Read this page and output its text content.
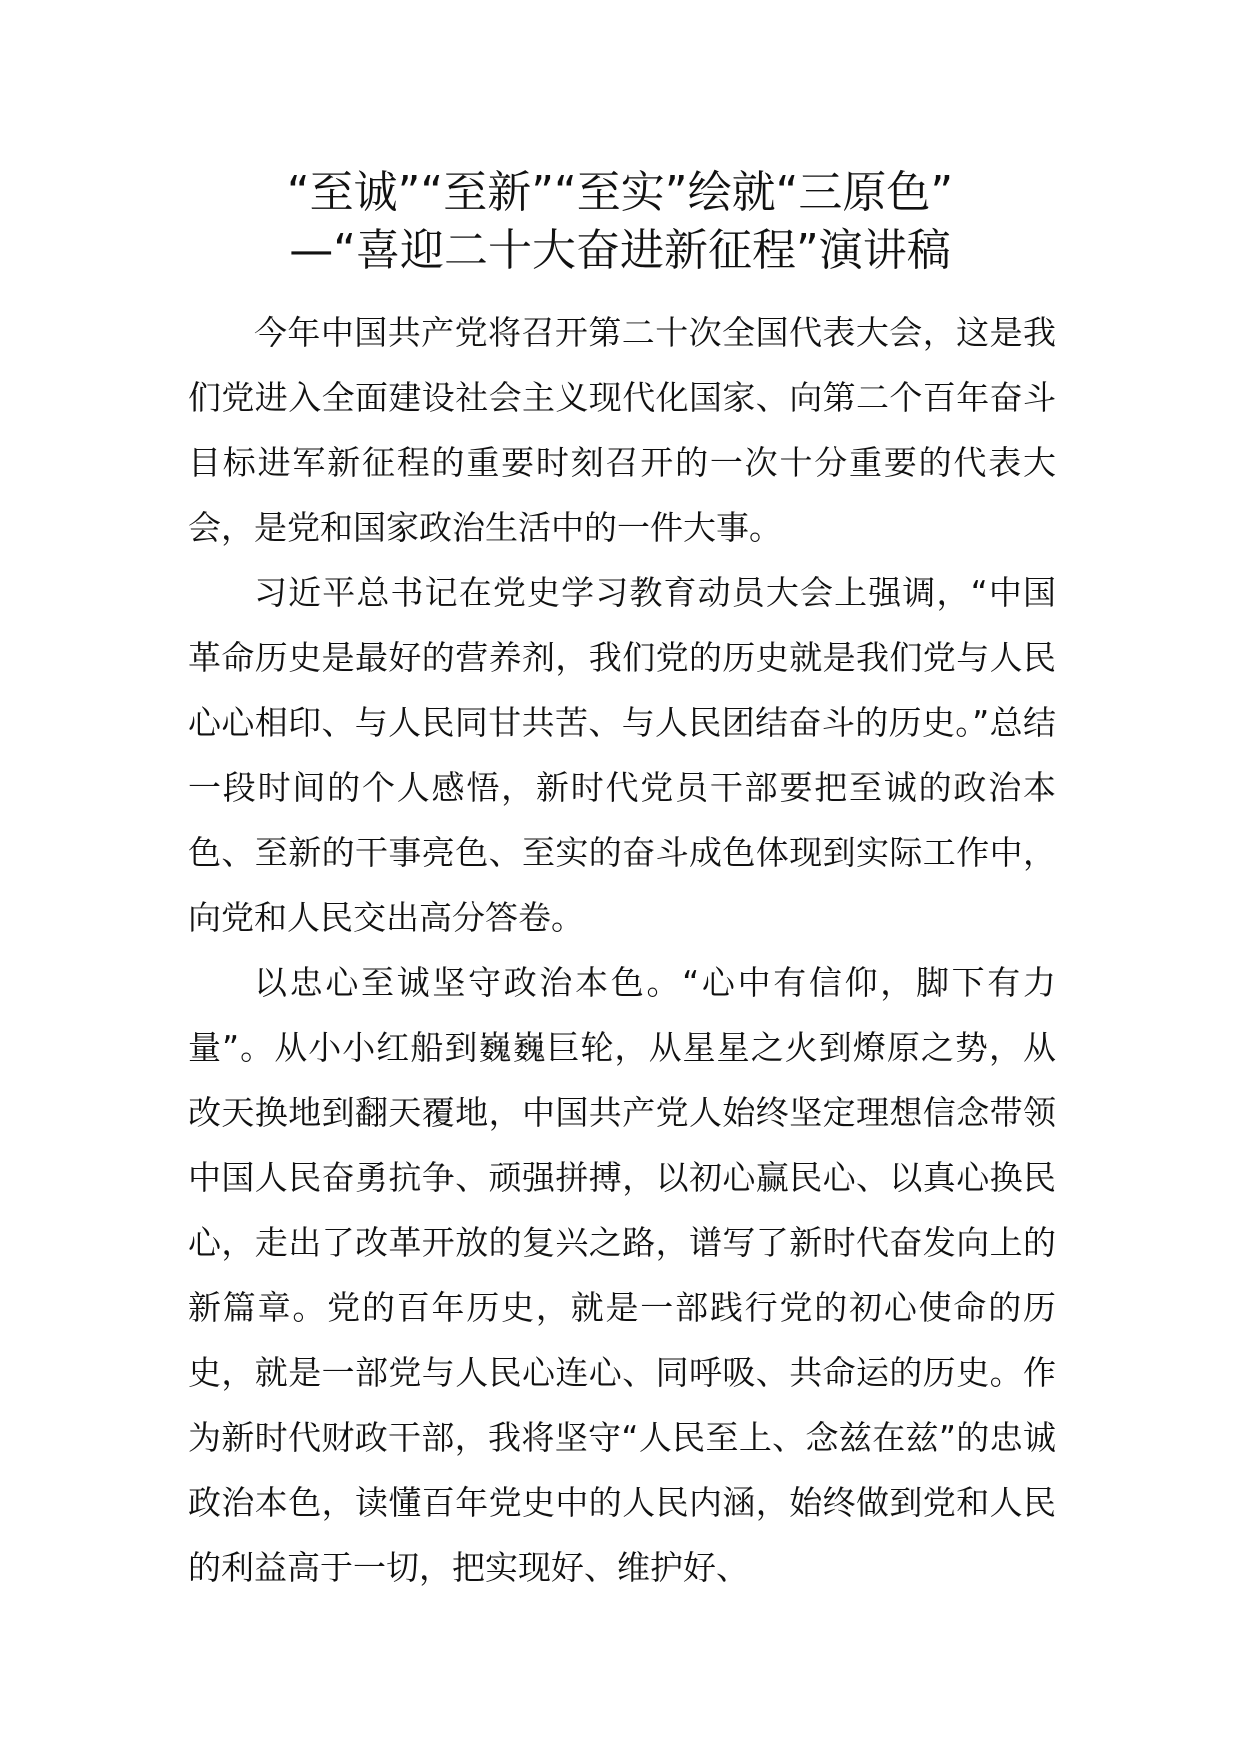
“至诚”“至新”“至实”绘就“三原色”
—“喜迎二十大奋进新征程”演讲稿

今年中国共产党将召开第二十次全国代表大会，这是我们党进入全面建设社会主义现代化国家、向第二个百年奋斗目标进军新征程的重要时刻召开的一次十分重要的代表大会，是党和国家政治生活中的一件大事。

习近平总书记在党史学习教育动员大会上强调，“中国革命历史是最好的营养剂，我们党的历史就是我们党与人民心心相印、与人民同甘共苦、与人民团结奋斗的历史。”总结一段时间的个人感悟，新时代党员干部要把至诚的政治本色、至新的干事亮色、至实的奋斗成色体现到实际工作中，向党和人民交出高分答卷。

以忠心至诚坚守政治本色。“心中有信仰，脚下有力量”。从小小红船到巍巍巨轮，从星星之火到燎原之势，从改天换地到翻天覆地，中国共产党人始终坚定理想信念带领中国人民奋勇抗争、顽强拼搏，以初心赢民心、以真心换民心，走出了改革开放的复兴之路，谱写了新时代奋发向上的新篇章。党的百年历史，就是一部践行党的初心使命的历史，就是一部党与人民心连心、同呼吸、共命运的历史。作为新时代财政干部，我将坚守“人民至上、念兹在兹”的忠诚政治本色，读懂百年党史中的人民内涵，始终做到党和人民的利益高于一切，把实现好、维护好、
